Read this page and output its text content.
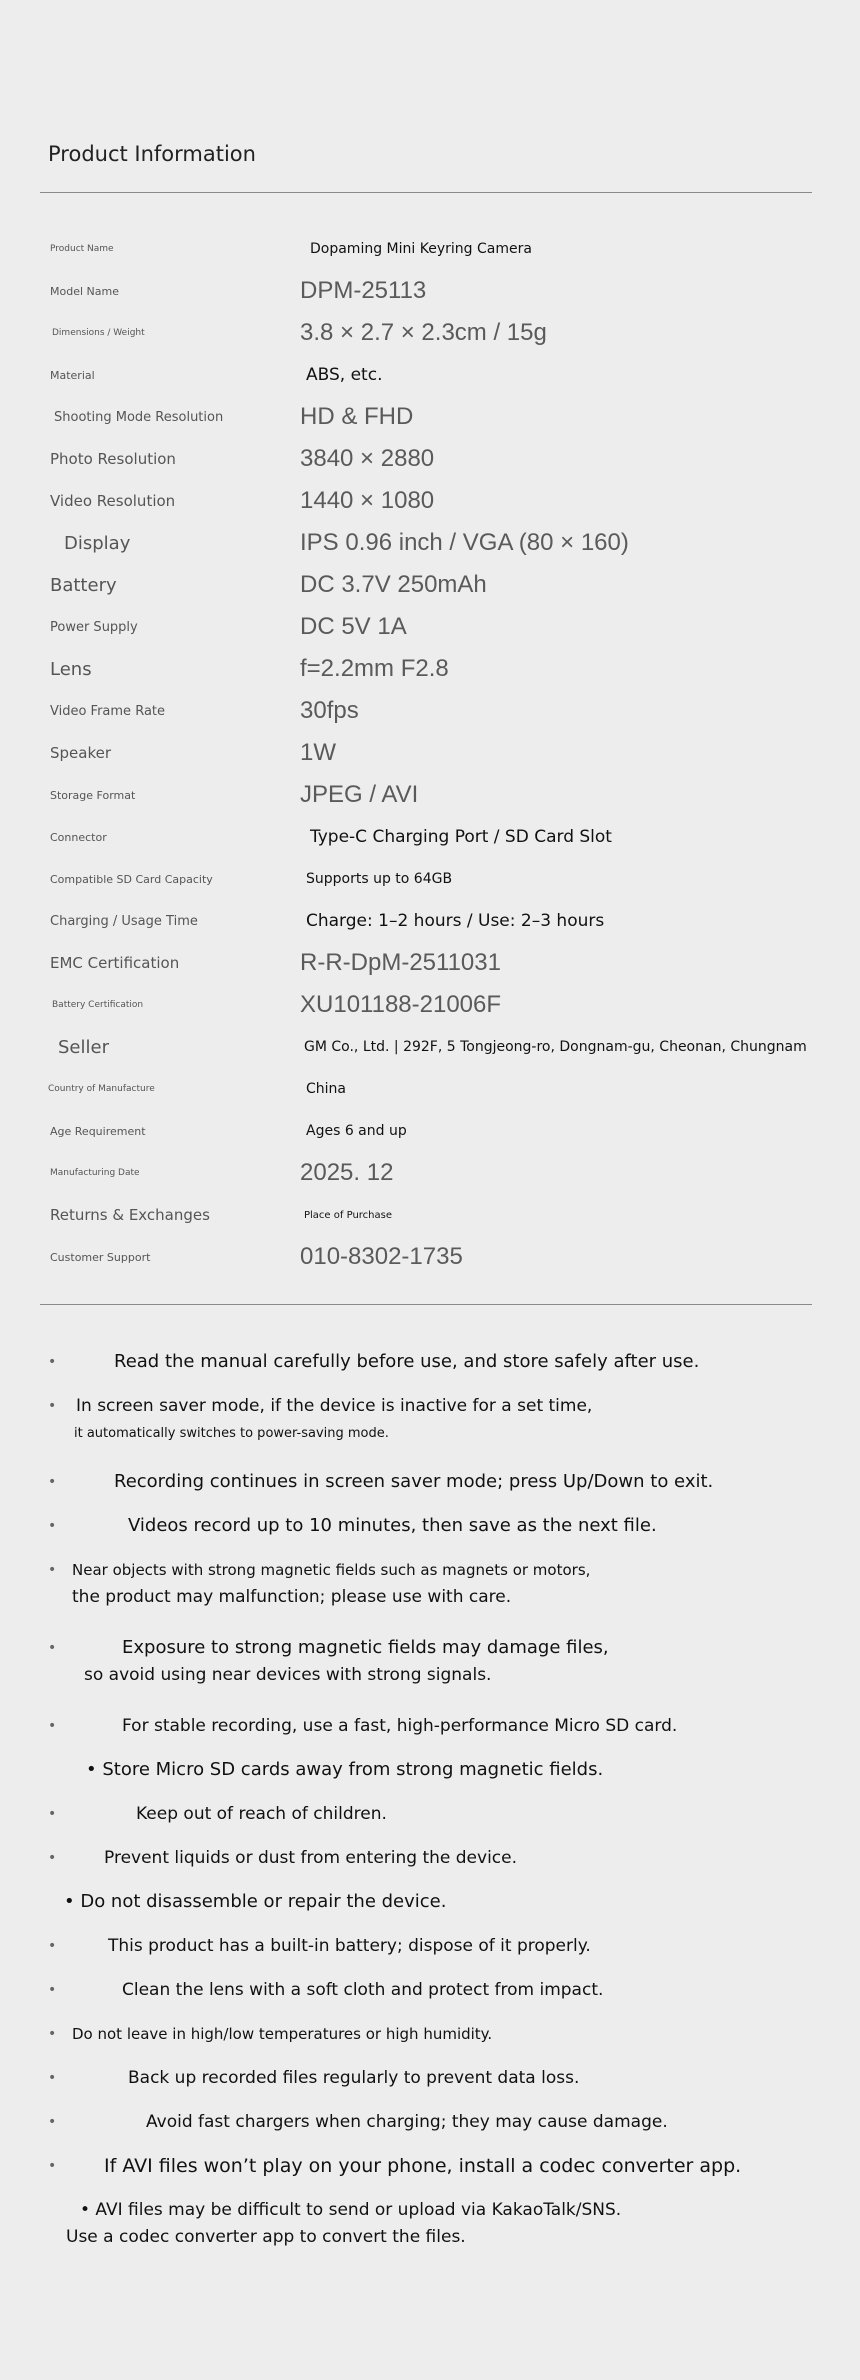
Product Information
Product Name	Dopaming Mini Keyring Camera
Model Name	DPM-25113
Dimensions / Weight	3.8 × 2.7 × 2.3cm / 15g
Material	ABS, etc.
Shooting Mode Resolution	HD & FHD
Photo Resolution	3840 × 2880
Video Resolution	1440 × 1080
Display	IPS 0.96 inch / VGA (80 × 160)
Battery	DC 3.7V 250mAh
Power Supply	DC 5V 1A
Lens	f=2.2mm F2.8
Video Frame Rate	30fps
Speaker	1W
Storage Format	JPEG / AVI
Connector	Type-C Charging Port / SD Card Slot
Compatible SD Card Capacity	Supports up to 64GB
Charging / Usage Time	Charge: 1–2 hours / Use: 2–3 hours
EMC Certification	R-R-DpM-2511031
Battery Certification	XU101188-21006F
Seller	GM Co., Ltd. | 292F, 5 Tongjeong-ro, Dongnam-gu, Cheonan, Chungnam
Country of Manufacture	China
Age Requirement	Ages 6 and up
Manufacturing Date	2025. 12
Returns & Exchanges	Place of Purchase
Customer Support	010-8302-1735
•	Read the manual carefully before use, and store safely after use.
• In screen saver mode, if the device is inactive for a set time,
it automatically switches to power-saving mode.
•	Recording continues in screen saver mode; press Up/Down to exit.
•	Videos record up to 10 minutes, then save as the next file.
• Near objects with strong magnetic fields such as magnets or motors,
the product may malfunction; please use with care.
•	Exposure to strong magnetic fields may damage files,
so avoid using near devices with strong signals.
•	For stable recording, use a fast, high-performance Micro SD card.
• Store Micro SD cards away from strong magnetic fields.
•	Keep out of reach of children.
•	Prevent liquids or dust from entering the device.
• Do not disassemble or repair the device.
•	This product has a built-in battery; dispose of it properly.
•	Clean the lens with a soft cloth and protect from impact.
• Do not leave in high/low temperatures or high humidity.
•	Back up recorded files regularly to prevent data loss.
•	Avoid fast chargers when charging; they may cause damage.
•	If AVI files won’t play on your phone, install a codec converter app.
• AVI files may be difficult to send or upload via KakaoTalk/SNS.
Use a codec converter app to convert the files.
